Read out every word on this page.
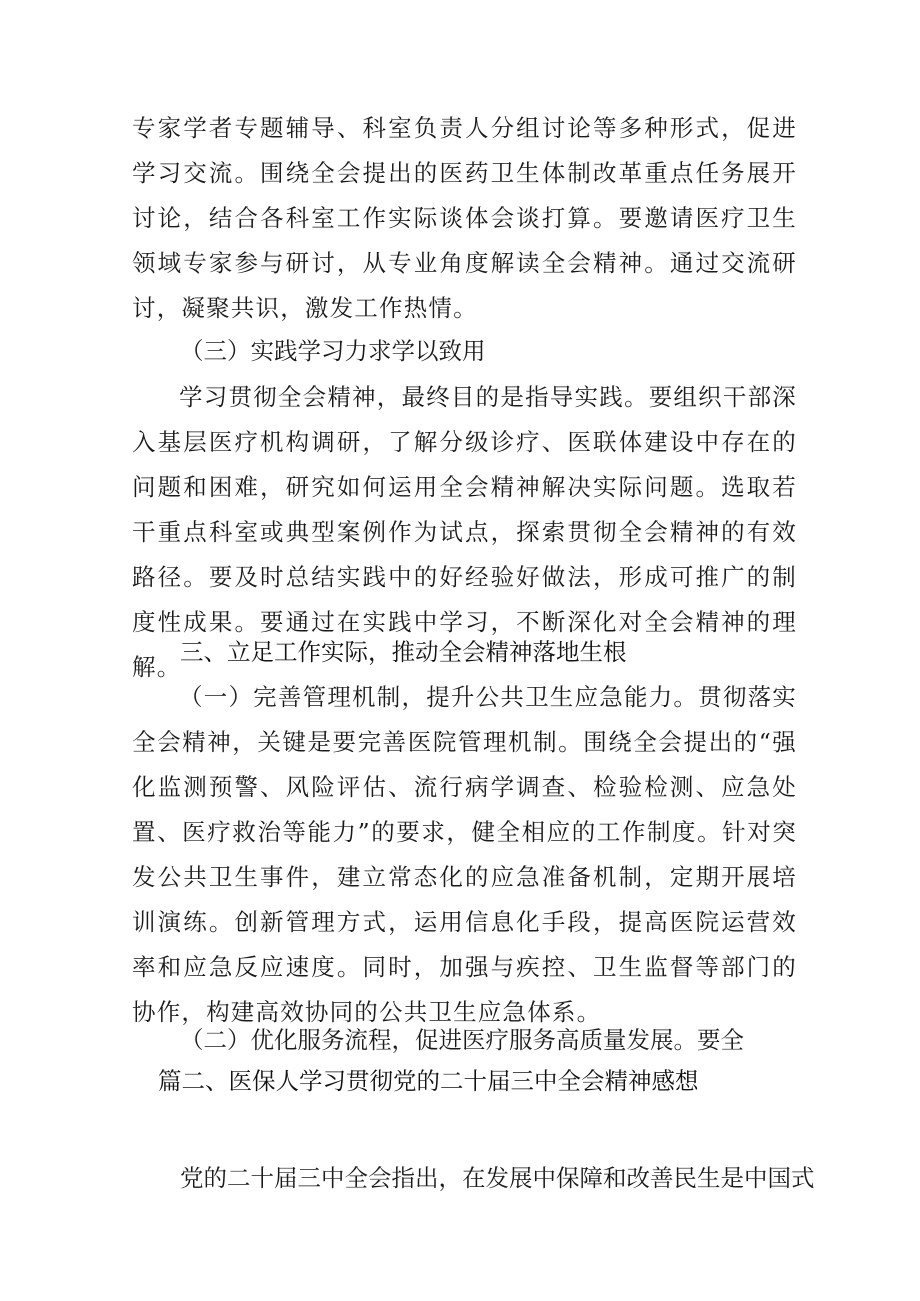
专家学者专题辅导、科室负责人分组讨论等多种形式，促进学习交流。围绕全会提出的医药卫生体制改革重点任务展开讨论，结合各科室工作实际谈体会谈打算。要邀请医疗卫生领域专家参与研讨，从专业角度解读全会精神。通过交流研讨，凝聚共识，激发工作热情。

（三）实践学习力求学以致用

学习贯彻全会精神，最终目的是指导实践。要组织干部深入基层医疗机构调研，了解分级诊疗、医联体建设中存在的问题和困难，研究如何运用全会精神解决实际问题。选取若干重点科室或典型案例作为试点，探索贯彻全会精神的有效路径。要及时总结实践中的好经验好做法，形成可推广的制度性成果。要通过在实践中学习，不断深化对全会精神的理解。

三、立足工作实际，推动全会精神落地生根

（一）完善管理机制，提升公共卫生应急能力。贯彻落实全会精神，关键是要完善医院管理机制。围绕全会提出的“强化监测预警、风险评估、流行病学调查、检验检测、应急处置、医疗救治等能力”的要求，健全相应的工作制度。针对突发公共卫生事件，建立常态化的应急准备机制，定期开展培训演练。创新管理方式，运用信息化手段，提高医院运营效率和应急反应速度。同时，加强与疾控、卫生监督等部门的协作，构建高效协同的公共卫生应急体系。

（二）优化服务流程，促进医疗服务高质量发展。要全

篇二、医保人学习贯彻党的二十届三中全会精神感想

党的二十届三中全会指出，在发展中保障和改善民生是中国式
